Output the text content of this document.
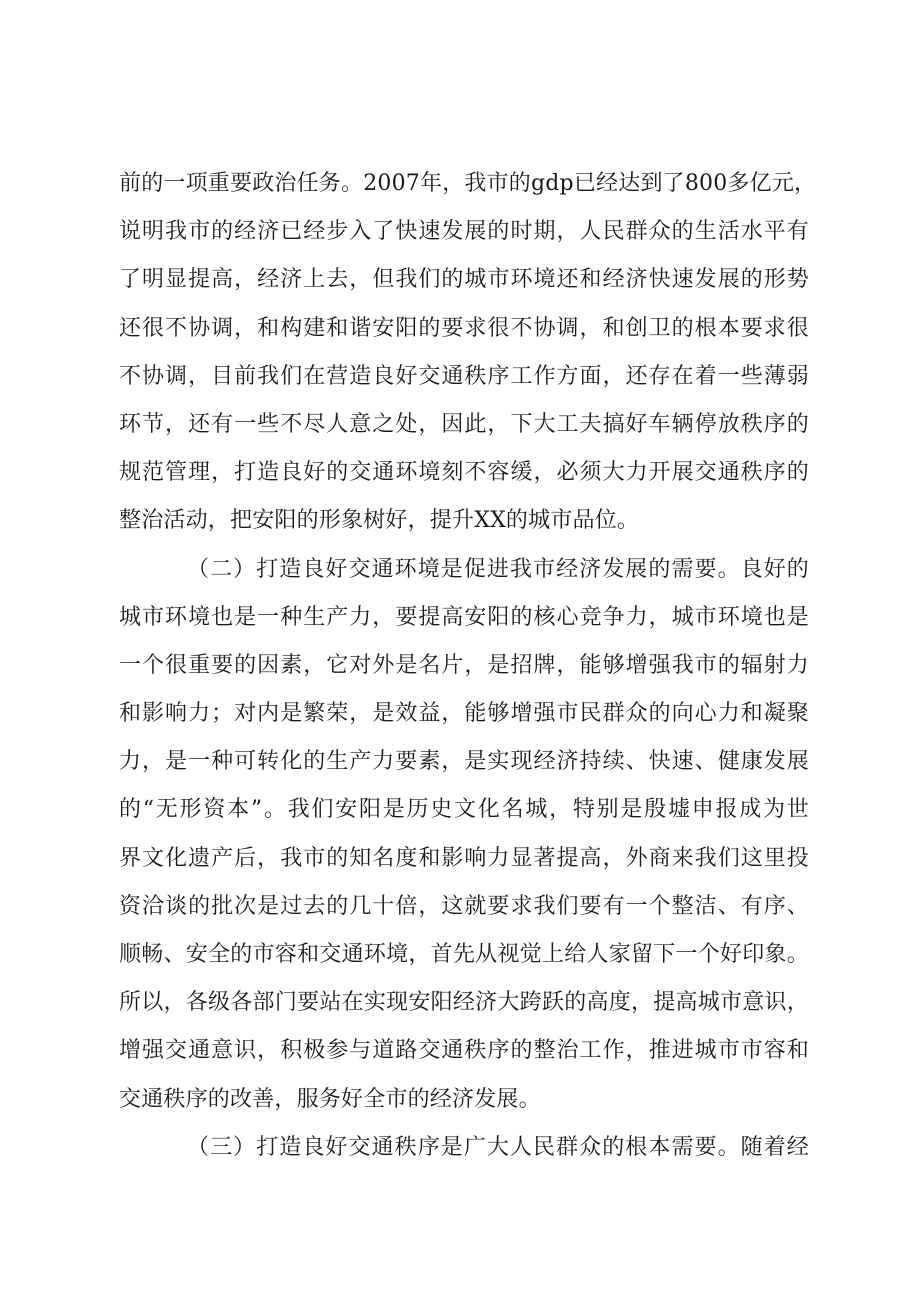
前的一项重要政治任务。2007年，我市的gdp已经达到了800多亿元，
说明我市的经济已经步入了快速发展的时期，人民群众的生活水平有
了明显提高，经济上去，但我们的城市环境还和经济快速发展的形势
还很不协调，和构建和谐安阳的要求很不协调，和创卫的根本要求很
不协调，目前我们在营造良好交通秩序工作方面，还存在着一些薄弱
环节，还有一些不尽人意之处，因此，下大工夫搞好车辆停放秩序的
规范管理，打造良好的交通环境刻不容缓，必须大力开展交通秩序的
整治活动，把安阳的形象树好，提升XX的城市品位。
（二）打造良好交通环境是促进我市经济发展的需要。良好的
城市环境也是一种生产力，要提高安阳的核心竞争力，城市环境也是
一个很重要的因素，它对外是名片，是招牌，能够增强我市的辐射力
和影响力；对内是繁荣，是效益，能够增强市民群众的向心力和凝聚
力，是一种可转化的生产力要素，是实现经济持续、快速、健康发展
的“无形资本”。我们安阳是历史文化名城，特别是殷墟申报成为世
界文化遗产后，我市的知名度和影响力显著提高，外商来我们这里投
资洽谈的批次是过去的几十倍，这就要求我们要有一个整洁、有序、
顺畅、安全的市容和交通环境，首先从视觉上给人家留下一个好印象。
所以，各级各部门要站在实现安阳经济大跨跃的高度，提高城市意识，
增强交通意识，积极参与道路交通秩序的整治工作，推进城市市容和
交通秩序的改善，服务好全市的经济发展。
（三）打造良好交通秩序是广大人民群众的根本需要。随着经
